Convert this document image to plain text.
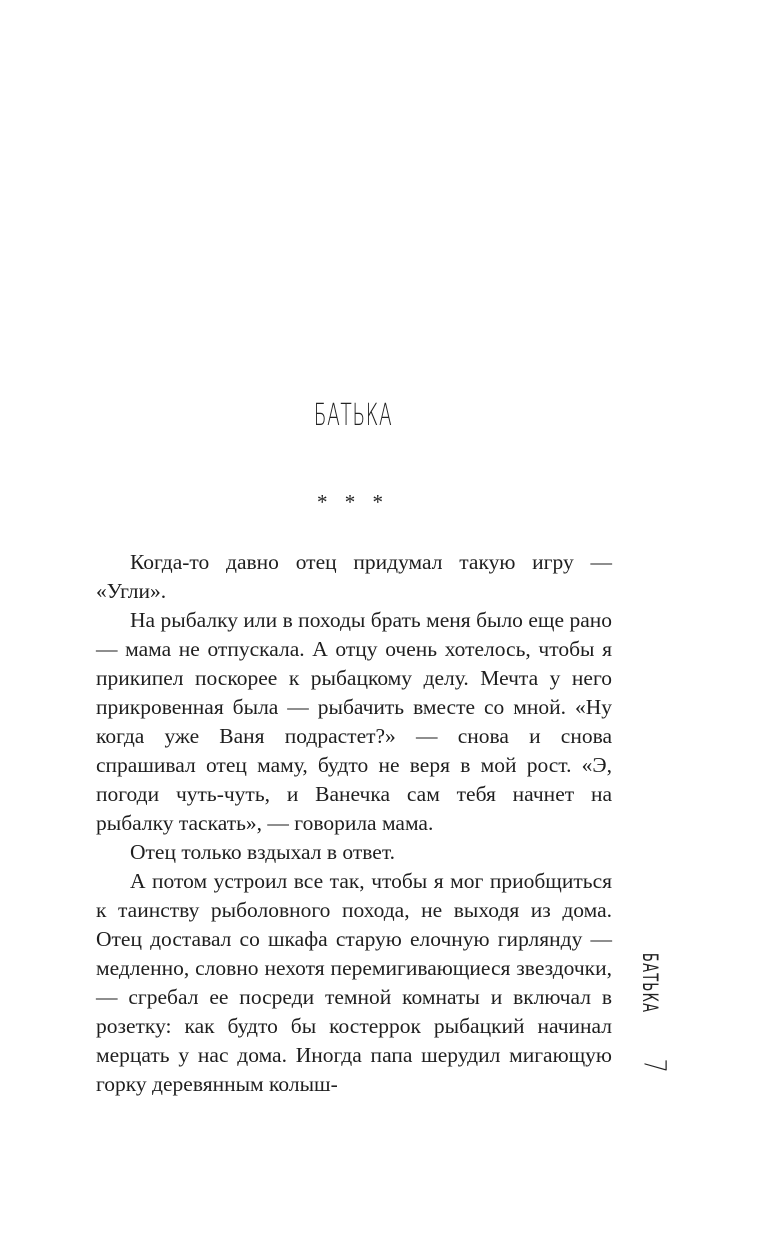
БАТЬКА
* * *

Когда-то давно отец придумал такую игру — «Угли».

На рыбалку или в походы брать меня было еще рано — мама не отпускала. А отцу очень хотелось, чтобы я прикипел поскорее к рыбацкому делу. Мечта у него прикровенная была — рыбачить вместе со мной. «Ну когда уже Ваня подрастет?» — снова и снова спрашивал отец маму, будто не веря в мой рост. «Э, погоди чуть-чуть, и Ванечка сам тебя начнет на рыбалку таскать», — говорила мама.

Отец только вздыхал в ответ.

А потом устроил все так, чтобы я мог приобщиться к таинству рыболовного похода, не выходя из дома. Отец доставал со шкафа старую елочную гирлянду — медленно, словно нехотя перемигивающиеся звездочки, — сгребал ее посреди темной комнаты и включал в розетку: как будто бы костеррок рыбацкий начинал мерцать у нас дома. Иногда папа шерудил мигающую горку деревянным колыш-

БАТЬКА
7
